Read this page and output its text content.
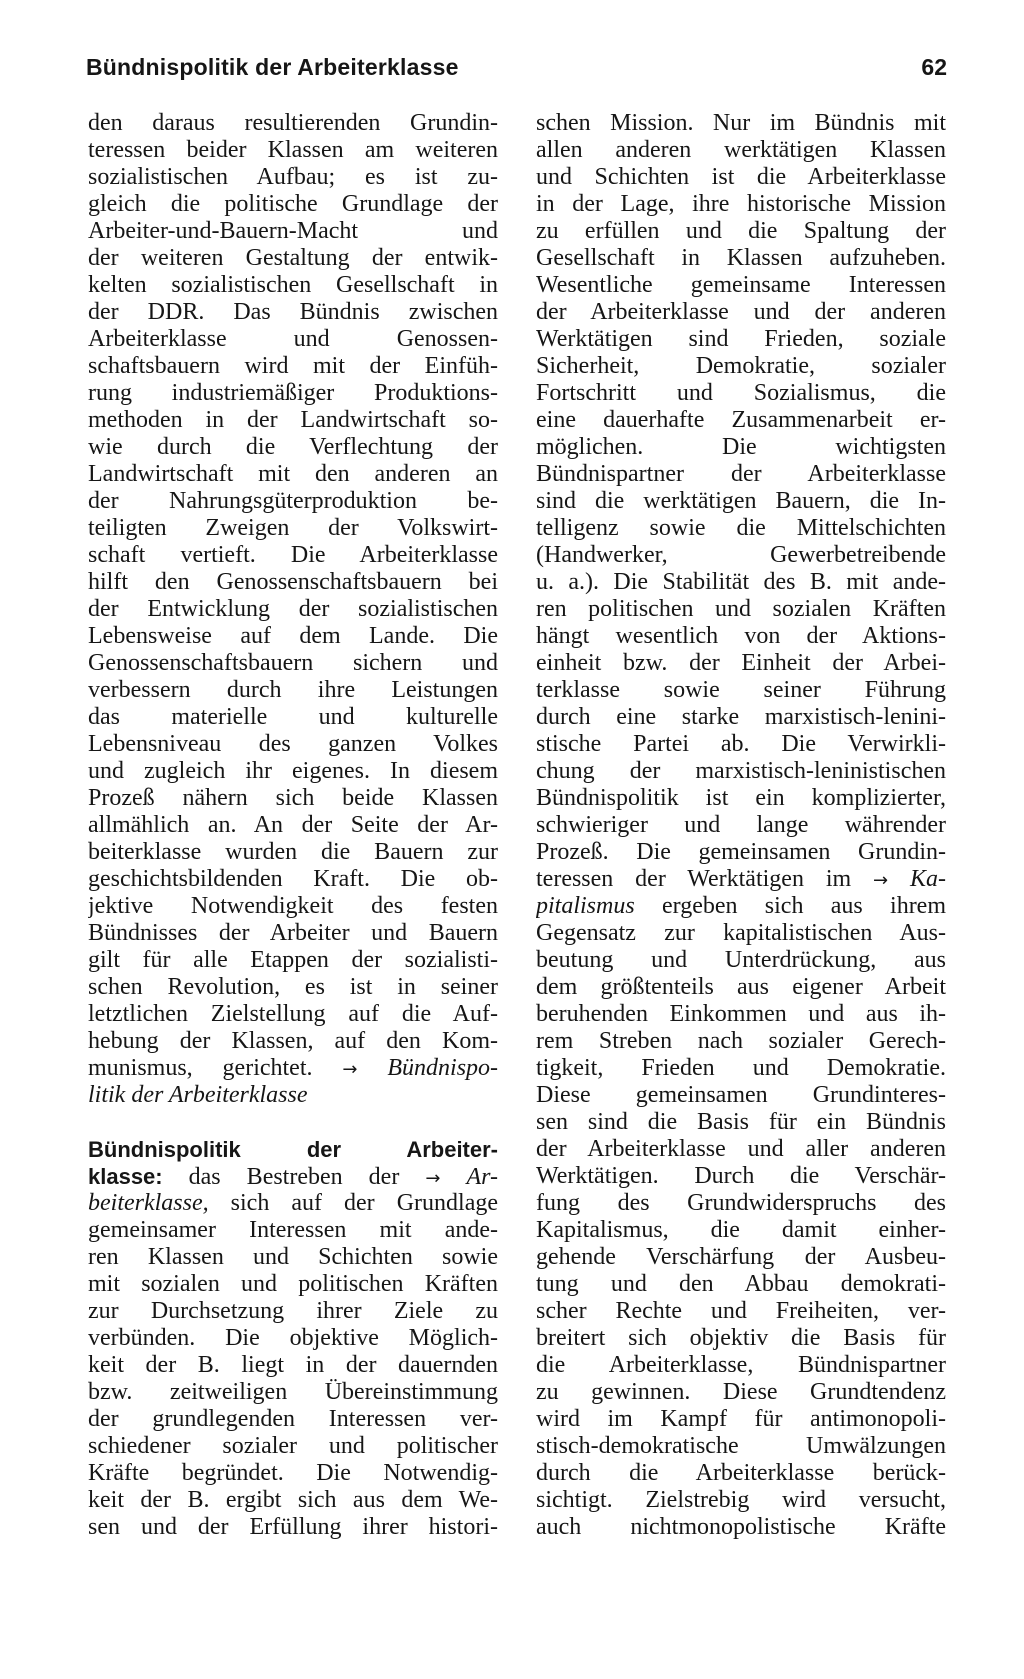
Bündnispolitik der Arbeiterklasse	62
den daraus resultierenden Grundin-
teressen beider Klassen am weiteren
sozialistischen Aufbau; es ist zu-
gleich die politische Grundlage der
Arbeiter-und-Bauern-Macht und
der weiteren Gestaltung der entwik-
kelten sozialistischen Gesellschaft in
der DDR. Das Bündnis zwischen
Arbeiterklasse und Genossen-
schaftsbauern wird mit der Einfüh-
rung industriemäßiger Produktions-
methoden in der Landwirtschaft so-
wie durch die Verflechtung der
Landwirtschaft mit den anderen an
der Nahrungsgüterproduktion be-
teiligten Zweigen der Volkswirt-
schaft vertieft. Die Arbeiterklasse
hilft den Genossenschaftsbauern bei
der Entwicklung der sozialistischen
Lebensweise auf dem Lande. Die
Genossenschaftsbauern sichern und
verbessern durch ihre Leistungen
das materielle und kulturelle
Lebensniveau des ganzen Volkes
und zugleich ihr eigenes. In diesem
Prozeß nähern sich beide Klassen
allmählich an. An der Seite der Ar-
beiterklasse wurden die Bauern zur
geschichtsbildenden Kraft. Die ob-
jektive Notwendigkeit des festen
Bündnisses der Arbeiter und Bauern
gilt für alle Etappen der sozialisti-
schen Revolution, es ist in seiner
letztlichen Zielstellung auf die Auf-
hebung der Klassen, auf den Kom-
munismus, gerichtet. → Bündnispo-
litik der Arbeiterklasse
Bündnispolitik der Arbeiter-
klasse: das Bestreben der → Ar-
beiterklasse, sich auf der Grundlage
gemeinsamer Interessen mit ande-
ren Klassen und Schichten sowie
mit sozialen und politischen Kräften
zur Durchsetzung ihrer Ziele zu
verbünden. Die objektive Möglich-
keit der B. liegt in der dauernden
bzw. zeitweiligen Übereinstimmung
der grundlegenden Interessen ver-
schiedener sozialer und politischer
Kräfte begründet. Die Notwendig-
keit der B. ergibt sich aus dem We-
sen und der Erfüllung ihrer histori-
schen Mission. Nur im Bündnis mit
allen anderen werktätigen Klassen
und Schichten ist die Arbeiterklasse
in der Lage, ihre historische Mission
zu erfüllen und die Spaltung der
Gesellschaft in Klassen aufzuheben.
Wesentliche gemeinsame Interessen
der Arbeiterklasse und der anderen
Werktätigen sind Frieden, soziale
Sicherheit, Demokratie, sozialer
Fortschritt und Sozialismus, die
eine dauerhafte Zusammenarbeit er-
möglichen. Die wichtigsten
Bündnispartner der Arbeiterklasse
sind die werktätigen Bauern, die In-
telligenz sowie die Mittelschichten
(Handwerker, Gewerbetreibende
u. a.). Die Stabilität des B. mit ande-
ren politischen und sozialen Kräften
hängt wesentlich von der Aktions-
einheit bzw. der Einheit der Arbei-
terklasse sowie seiner Führung
durch eine starke marxistisch-lenini-
stische Partei ab. Die Verwirkli-
chung der marxistisch-leninistischen
Bündnispolitik ist ein komplizierter,
schwieriger und lange währender
Prozeß. Die gemeinsamen Grundin-
teressen der Werktätigen im → Ka-
pitalismus ergeben sich aus ihrem
Gegensatz zur kapitalistischen Aus-
beutung und Unterdrückung, aus
dem größtenteils aus eigener Arbeit
beruhenden Einkommen und aus ih-
rem Streben nach sozialer Gerech-
tigkeit, Frieden und Demokratie.
Diese gemeinsamen Grundinteres-
sen sind die Basis für ein Bündnis
der Arbeiterklasse und aller anderen
Werktätigen. Durch die Verschär-
fung des Grundwiderspruchs des
Kapitalismus, die damit einher-
gehende Verschärfung der Ausbeu-
tung und den Abbau demokrati-
scher Rechte und Freiheiten, ver-
breitert sich objektiv die Basis für
die Arbeiterklasse, Bündnispartner
zu gewinnen. Diese Grundtendenz
wird im Kampf für antimonopoli-
stisch-demokratische Umwälzungen
durch die Arbeiterklasse berück-
sichtigt. Zielstrebig wird versucht,
auch nichtmonopolistische Kräfte
